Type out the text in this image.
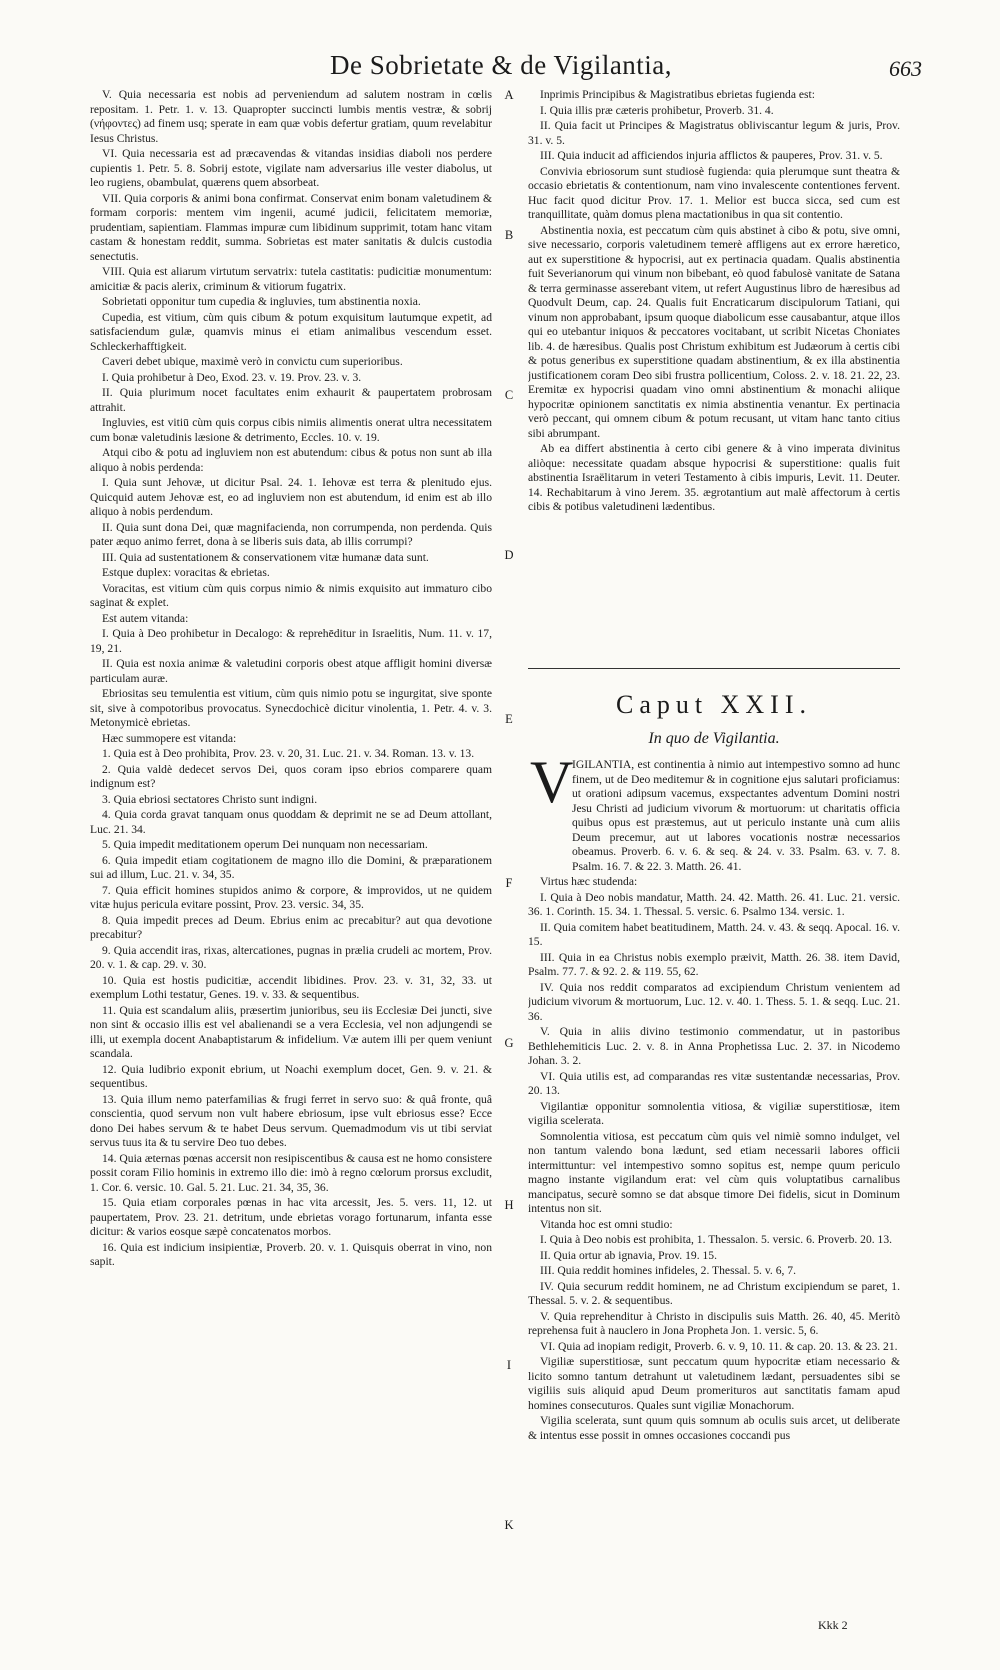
De Sobrietate & de Vigilantia,	663

V. Quia necessaria est nobis ad perveniendum ad salutem nostram in cœlis repositam. 1. Petr. 1. v. 13. Quapropter succincti lumbis mentis vestræ, & sobrij (νήφοντες) ad finem usq; sperate in eam quæ vobis defertur gratiam, quum revelabitur Iesus Christus.

VI. Quia necessaria est ad præcavendas & vitandas insidias diaboli nos perdere cupientis 1. Petr. 5. 8. Sobrij estote, vigilate nam adversarius ille vester diabolus, ut leo rugiens, obambulat, quærens quem absorbeat.

VII. Quia corporis & animi bona confirmat. Conservat enim bonam valetudinem & formam corporis: mentem vim ingenii, acumé judicii, felicitatem memoriæ, prudentiam, sapientiam. Flammas impuræ cum libidinum supprimit, totam hanc vitam castam & honestam reddit, summa. Sobrietas est mater sanitatis & dulcis custodia senectutis.

VIII. Quia est aliarum virtutum servatrix: tutela castitatis: pudicitiæ monumentum: amicitiæ & pacis alerix, criminum & vitiorum fugatrix.

Sobrietati opponitur tum cupedia & ingluvies, tum abstinentia noxia.

Cupedia, est vitium, cùm quis cibum & potum exquisitum lautumque expetit, ad satisfaciendum gulæ, quamvis minus ei etiam animalibus vescendum esset. Schleckerhafftigkeit.

Caveri debet ubique, maximè verò in convictu cum superioribus.

I. Quia prohibetur à Deo, Exod. 23. v. 19. Prov. 23. v. 3.

II. Quia plurimum nocet facultates enim exhaurit & paupertatem probrosam attrahit.

Ingluvies, est vitiū cùm quis corpus cibis nimiis alimentis onerat ultra necessitatem cum bonæ valetudinis læsione & detrimento, Eccles. 10. v. 19.

Atqui cibo & potu ad ingluviem non est abutendum: cibus & potus non sunt ab illa aliquo à nobis perdenda:

I. Quia sunt Jehovæ, ut dicitur Psal. 24. 1. Iehovæ est terra & plenitudo ejus. Quicquid autem Jehovæ est, eo ad ingluviem non est abutendum, id enim est ab illo aliquo à nobis perdendum.

II. Quia sunt dona Dei, quæ magnifacienda, non corrumpenda, non perdenda. Quis pater æquo animo ferret, dona à se liberis suis data, ab illis corrumpi?

III. Quia ad sustentationem & conservationem vitæ humanæ data sunt.

Estque duplex: voracitas & ebrietas.

Voracitas, est vitium cùm quis corpus nimio & nimis exquisito aut immaturo cibo saginat & explet.

Est autem vitanda:

I. Quia à Deo prohibetur in Decalogo: & reprehēditur in Israelitis, Num. 11. v. 17, 19, 21.

II. Quia est noxia animæ & valetudini corporis obest atque affligit homini diversæ particulam auræ.

Ebriositas seu temulentia est vitium, cùm quis nimio potu se ingurgitat, sive sponte sit, sive à compotoribus provocatus. Synecdochicè dicitur vinolentia, 1. Petr. 4. v. 3. Metonymicè ebrietas.

Hæc summopere est vitanda:

1. Quia est à Deo prohibita, Prov. 23. v. 20, 31. Luc. 21. v. 34. Roman. 13. v. 13.

2. Quia valdè dedecet servos Dei, quos coram ipso ebrios comparere quam indignum est?

3. Quia ebriosi sectatores Christo sunt indigni.

4. Quia corda gravat tanquam onus quoddam & deprimit ne se ad Deum attollant, Luc. 21. 34.

5. Quia impedit meditationem operum Dei nunquam non necessariam.

6. Quia impedit etiam cogitationem de magno illo die Domini, & præparationem sui ad illum, Luc. 21. v. 34, 35.

7. Quia efficit homines stupidos animo & corpore, & improvidos, ut ne quidem vitæ hujus pericula evitare possint, Prov. 23. versic. 34, 35.

8. Quia impedit preces ad Deum. Ebrius enim ac precabitur? aut qua devotione precabitur?

9. Quia accendit iras, rixas, altercationes, pugnas in prælia crudeli ac mortem, Prov. 20. v. 1. & cap. 29. v. 30.

10. Quia est hostis pudicitiæ, accendit libidines. Prov. 23. v. 31, 32, 33. ut exemplum Lothi testatur, Genes. 19. v. 33. & sequentibus.

11. Quia est scandalum aliis, præsertim junioribus, seu iis Ecclesiæ Dei juncti, sive non sint & occasio illis est vel abalienandi se a vera Ecclesia, vel non adjungendi se illi, ut exempla docent Anabaptistarum & infidelium. Væ autem illi per quem veniunt scandala.

12. Quia ludibrio exponit ebrium, ut Noachi exemplum docet, Gen. 9. v. 21. & sequentibus.

13. Quia illum nemo paterfamilias & frugi ferret in servo suo: & quâ fronte, quâ conscientia, quod servum non vult habere ebriosum, ipse vult ebriosus esse? Ecce dono Dei habes servum & te habet Deus servum. Quemadmodum vis ut tibi serviat servus tuus ita & tu servire Deo tuo debes.

14. Quia æternas pœnas accersit non resipiscentibus & causa est ne homo consistere possit coram Filio hominis in extremo illo die: imò à regno cœlorum prorsus excludit, 1. Cor. 6. versic. 10. Gal. 5. 21. Luc. 21. 34, 35, 36.

15. Quia etiam corporales pœnas in hac vita arcessit, Jes. 5. vers. 11, 12. ut paupertatem, Prov. 23. 21. detritum, unde ebrietas vorago fortunarum, infanta esse dicitur: & varios eosque sæpè concatenatos morbos.

16. Quia est indicium insipientiæ, Proverb. 20. v. 1. Quisquis oberrat in vino, non sapit.

A
B
C
D
E
F
G
H
I
K

Inprimis Principibus & Magistratibus ebrietas fugienda est:

I. Quia illis præ cæteris prohibetur, Proverb. 31. 4.

II. Quia facit ut Principes & Magistratus obliviscantur legum & juris, Prov. 31. v. 5.

III. Quia inducit ad afficiendos injuria afflictos & pauperes, Prov. 31. v. 5.

Convivia ebriosorum sunt studiosè fugienda: quia plerumque sunt theatra & occasio ebrietatis & contentionum, nam vino invalescente contentiones fervent. Huc facit quod dicitur Prov. 17. 1. Melior est bucca sicca, sed cum est tranquillitate, quàm domus plena mactationibus in qua sit contentio.

Abstinentia noxia, est peccatum cùm quis abstinet à cibo & potu, sive omni, sive necessario, corporis valetudinem temerè affligens aut ex errore hæretico, aut ex superstitione & hypocrisi, aut ex pertinacia quadam. Qualis abstinentia fuit Severianorum qui vinum non bibebant, eò quod fabulosè vanitate de Satana & terra germinasse asserebant vitem, ut refert Augustinus libro de hæresibus ad Quodvult Deum, cap. 24. Qualis fuit Encraticarum discipulorum Tatiani, qui vinum non approbabant, ipsum quoque diabolicum esse causabantur, atque illos qui eo utebantur iniquos & peccatores vocitabant, ut scribit Nicetas Choniates lib. 4. de hæresibus. Qualis post Christum exhibitum est Judæorum à certis cibi & potus generibus ex superstitione quadam abstinentium, & ex illa abstinentia justificationem coram Deo sibi frustra pollicentium, Coloss. 2. v. 18. 21. 22, 23. Eremitæ ex hypocrisi quadam vino omni abstinentium & monachi aliique hypocritæ opinionem sanctitatis ex nimia abstinentia venantur. Ex pertinacia verò peccant, qui omnem cibum & potum recusant, ut vitam hanc tanto citius sibi abrumpant.

Ab ea differt abstinentia à certo cibi genere & à vino imperata divinitus aliòque: necessitate quadam absque hypocrisi & superstitione: qualis fuit abstinentia Israëlitarum in veteri Testamento à cibis impuris, Levit. 11. Deuter. 14. Rechabitarum à vino Jerem. 35. ægrotantium aut malè affectorum à certis cibis & potibus valetudineni lædentibus.

Caput XXII.
In quo de Vigilantia.
V

IGILANTIA, est continentia à nimio aut intempestivo somno ad hunc finem, ut de Deo meditemur & in cognitione ejus salutari proficiamus: ut orationi adipsum vacemus, exspectantes adventum Domini nostri Jesu Christi ad judicium vivorum & mortuorum: ut charitatis officia quibus opus est præstemus, aut ut periculo instante unà cum aliis Deum precemur, aut ut labores vocationis nostræ necessarios obeamus. Proverb. 6. v. 6. & seq. & 24. v. 33. Psalm. 63. v. 7. 8. Psalm. 16. 7. & 22. 3. Matth. 26. 41.

Virtus hæc studenda:

I. Quia à Deo nobis mandatur, Matth. 24. 42. Matth. 26. 41. Luc. 21. versic. 36. 1. Corinth. 15. 34. 1. Thessal. 5. versic. 6. Psalmo 134. versic. 1.

II. Quia comitem habet beatitudinem, Matth. 24. v. 43. & seqq. Apocal. 16. v. 15.

III. Quia in ea Christus nobis exemplo præivit, Matth. 26. 38. item David, Psalm. 77. 7. & 92. 2. & 119. 55, 62.

IV. Quia nos reddit comparatos ad excipiendum Christum venientem ad judicium vivorum & mortuorum, Luc. 12. v. 40. 1. Thess. 5. 1. & seqq. Luc. 21. 36.

V. Quia in aliis divino testimonio commendatur, ut in pastoribus Bethlehemiticis Luc. 2. v. 8. in Anna Prophetissa Luc. 2. 37. in Nicodemo Johan. 3. 2.

VI. Quia utilis est, ad comparandas res vitæ sustentandæ necessarias, Prov. 20. 13.

Vigilantiæ opponitur somnolentia vitiosa, & vigiliæ superstitiosæ, item vigilia scelerata.

Somnolentia vitiosa, est peccatum cùm quis vel nimiè somno indulget, vel non tantum valendo bona lædunt, sed etiam necessarii labores officii intermittuntur: vel intempestivo somno sopitus est, nempe quum periculo magno instante vigilandum erat: vel cùm quis voluptatibus carnalibus mancipatus, securè somno se dat absque timore Dei fidelis, sicut in Dominum intentus non sit.

Vitanda hoc est omni studio:

I. Quia à Deo nobis est prohibita, 1. Thessalon. 5. versic. 6. Proverb. 20. 13.

II. Quia ortur ab ignavia, Prov. 19. 15.

III. Quia reddit homines infideles, 2. Thessal. 5. v. 6, 7.

IV. Quia securum reddit hominem, ne ad Christum excipiendum se paret, 1. Thessal. 5. v. 2. & sequentibus.

V. Quia reprehenditur à Christo in discipulis suis Matth. 26. 40, 45. Meritò reprehensa fuit à nauclero in Jona Propheta Jon. 1. versic. 5, 6.

VI. Quia ad inopiam redigit, Proverb. 6. v. 9, 10. 11. & cap. 20. 13. & 23. 21.

Vigiliæ superstitiosæ, sunt peccatum quum hypocritæ etiam necessario & licito somno tantum detrahunt ut valetudinem lædant, persuadentes sibi se vigiliis suis aliquid apud Deum promerituros aut sanctitatis famam apud homines consecuturos. Quales sunt vigiliæ Monachorum.

Vigilia scelerata, sunt quum quis somnum ab oculis suis arcet, ut deliberate & intentus esse possit in omnes occasiones coccandi pus

Kkk 2
